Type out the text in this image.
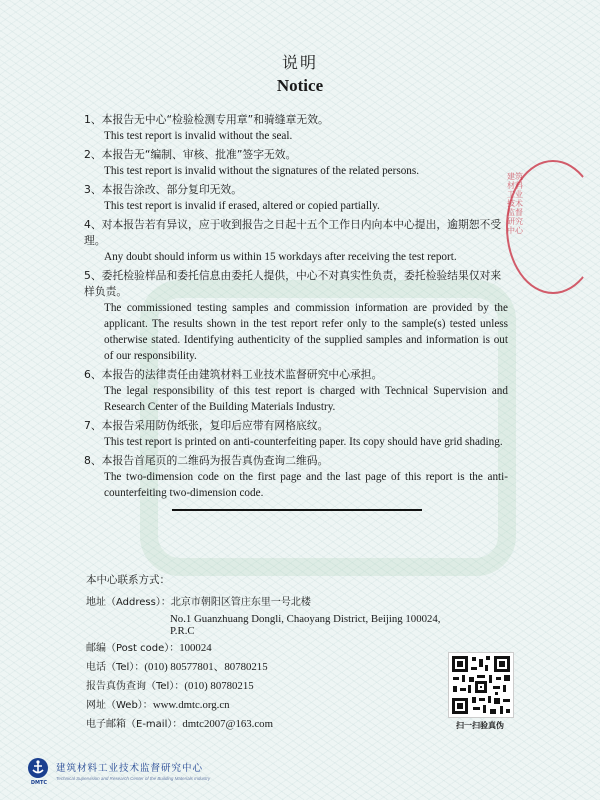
说明
Notice
1、本报告无中心“检验检测专用章”和骑缝章无效。
This test report is invalid without the seal.
2、本报告无“编制、审核、批准”签字无效。
This test report is invalid without the signatures of the related persons.
3、本报告涂改、部分复印无效。
This test report is invalid if erased, altered or copied partially.
4、对本报告若有异议，应于收到报告之日起十五个工作日内向本中心提出，逾期恕不受理。
Any doubt should inform us within 15 workdays after receiving the test report.
5、委托检验样品和委托信息由委托人提供，中心不对真实性负责，委托检验结果仅对来样负责。
The commissioned testing samples and commission information are provided by the applicant. The results shown in the test report refer only to the sample(s) tested unless otherwise stated. Identifying authenticity of the supplied samples and information is out of our responsibility.
6、本报告的法律责任由建筑材料工业技术监督研究中心承担。
The legal responsibility of this test report is charged with Technical Supervision and Research Center of the Building Materials Industry.
7、本报告采用防伪纸张，复印后应带有网格底纹。
This test report is printed on anti-counterfeiting paper. Its copy should have grid shading.
8、本报告首尾页的二维码为报告真伪查询二维码。
The two-dimension code on the first page and the last page of this report is the anti-counterfeiting two-dimension code.
本中心联系方式：
地址（Address）：北京市朝阳区管庄东里一号北楼
No.1 Guanzhuang Dongli, Chaoyang District, Beijing 100024, P.R.C
邮编（Post code）：100024
电话（Tel）：(010) 80577801、80780215
报告真伪查询（Tel）：(010) 80780215
网址（Web）：www.dmtc.org.cn
电子邮箱（E-mail）：dmtc2007@163.com	扫一扫验真伪
建筑材料工业技术监督研究中心
DMTC
建筑材料工业技术监督研究中心
Technical Supervision and Research Center of the Building Materials Industry
